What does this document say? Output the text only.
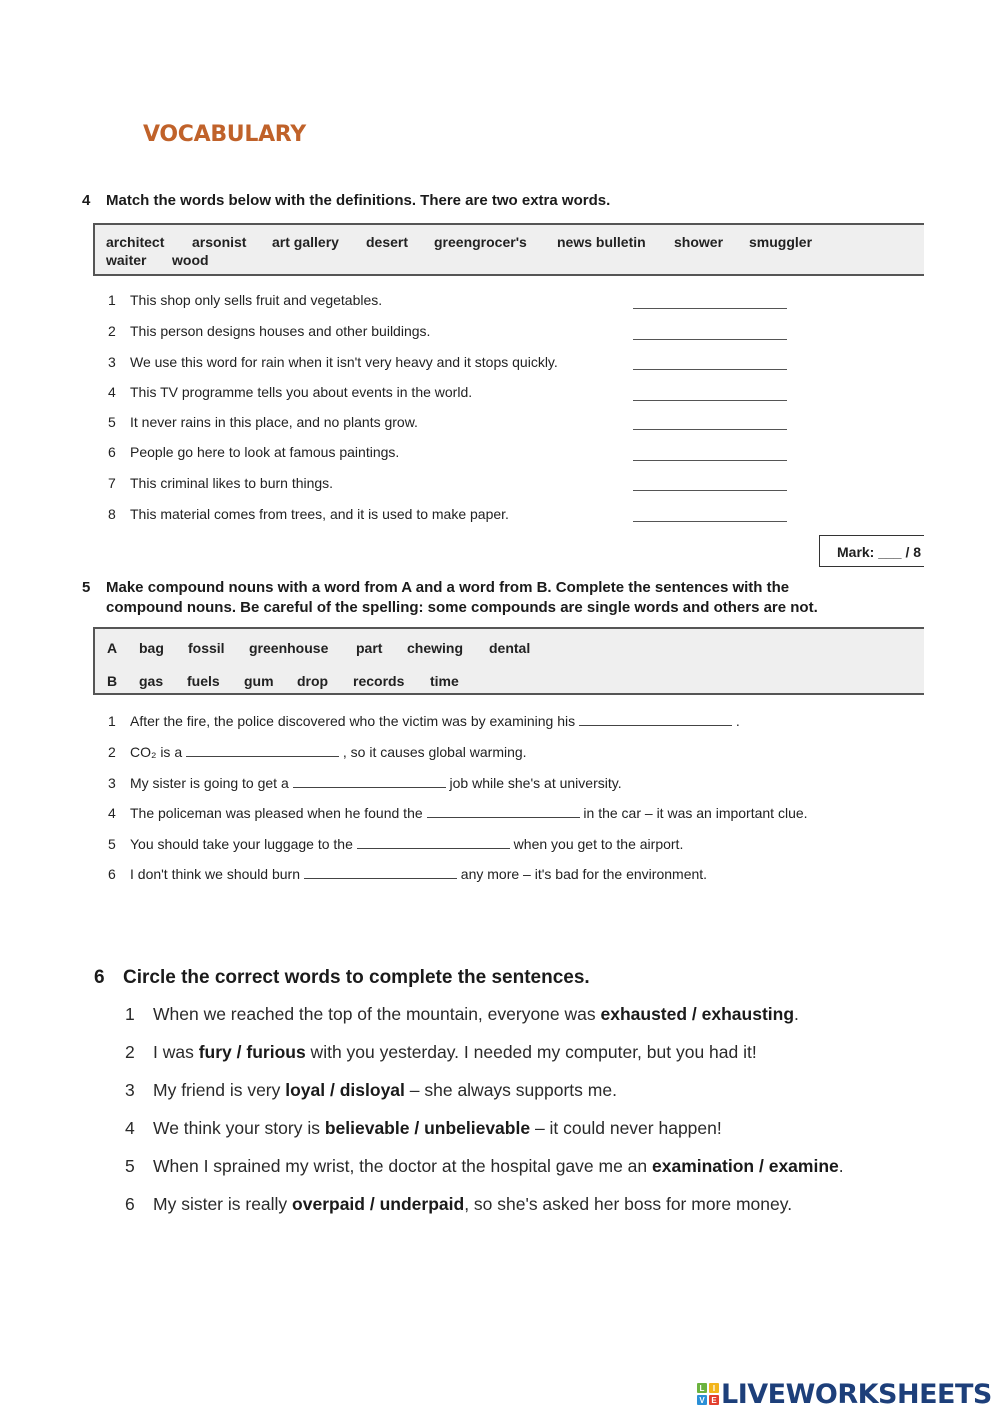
VOCABULARY
4 Match the words below with the definitions. There are two extra words.
architect arsonist art gallery desert greengrocer's news bulletin shower smuggler
waiter wood
1	This shop only sells fruit and vegetables.
2	This person designs houses and other buildings.
3	We use this word for rain when it isn't very heavy and it stops quickly.
4	This TV programme tells you about events in the world.
5	It never rains in this place, and no plants grow.
6	People go here to look at famous paintings.
7	This criminal likes to burn things.
8	This material comes from trees, and it is used to make paper.
Mark: ___ / 8
5 Make compound nouns with a word from A and a word from B. Complete the sentences with the
compound nouns. Be careful of the spelling: some compounds are single words and others are not.
A bag fossil greenhouse part chewing dental
B gas fuels gum drop records time
1	After the fire, the police discovered who the victim was by examining his	.
2	CO₂ is a	, so it causes global warming.
3	My sister is going to get a	job while she's at university.
4	The policeman was pleased when he found the	in the car – it was an important clue.
5	You should take your luggage to the	when you get to the airport.
6	I don't think we should burn	any more – it's bad for the environment.
6 Circle the correct words to complete the sentences.
1 When we reached the top of the mountain, everyone was exhausted / exhausting.
2 I was fury / furious with you yesterday. I needed my computer, but you had it!
3 My friend is very loyal / disloyal – she always supports me.
4 We think your story is believable / unbelievable – it could never happen!
5 When I sprained my wrist, the doctor at the hospital gave me an examination / examine.
6 My sister is really overpaid / underpaid, so she's asked her boss for more money.
L	I
V E LIVEWORKSHEETS
